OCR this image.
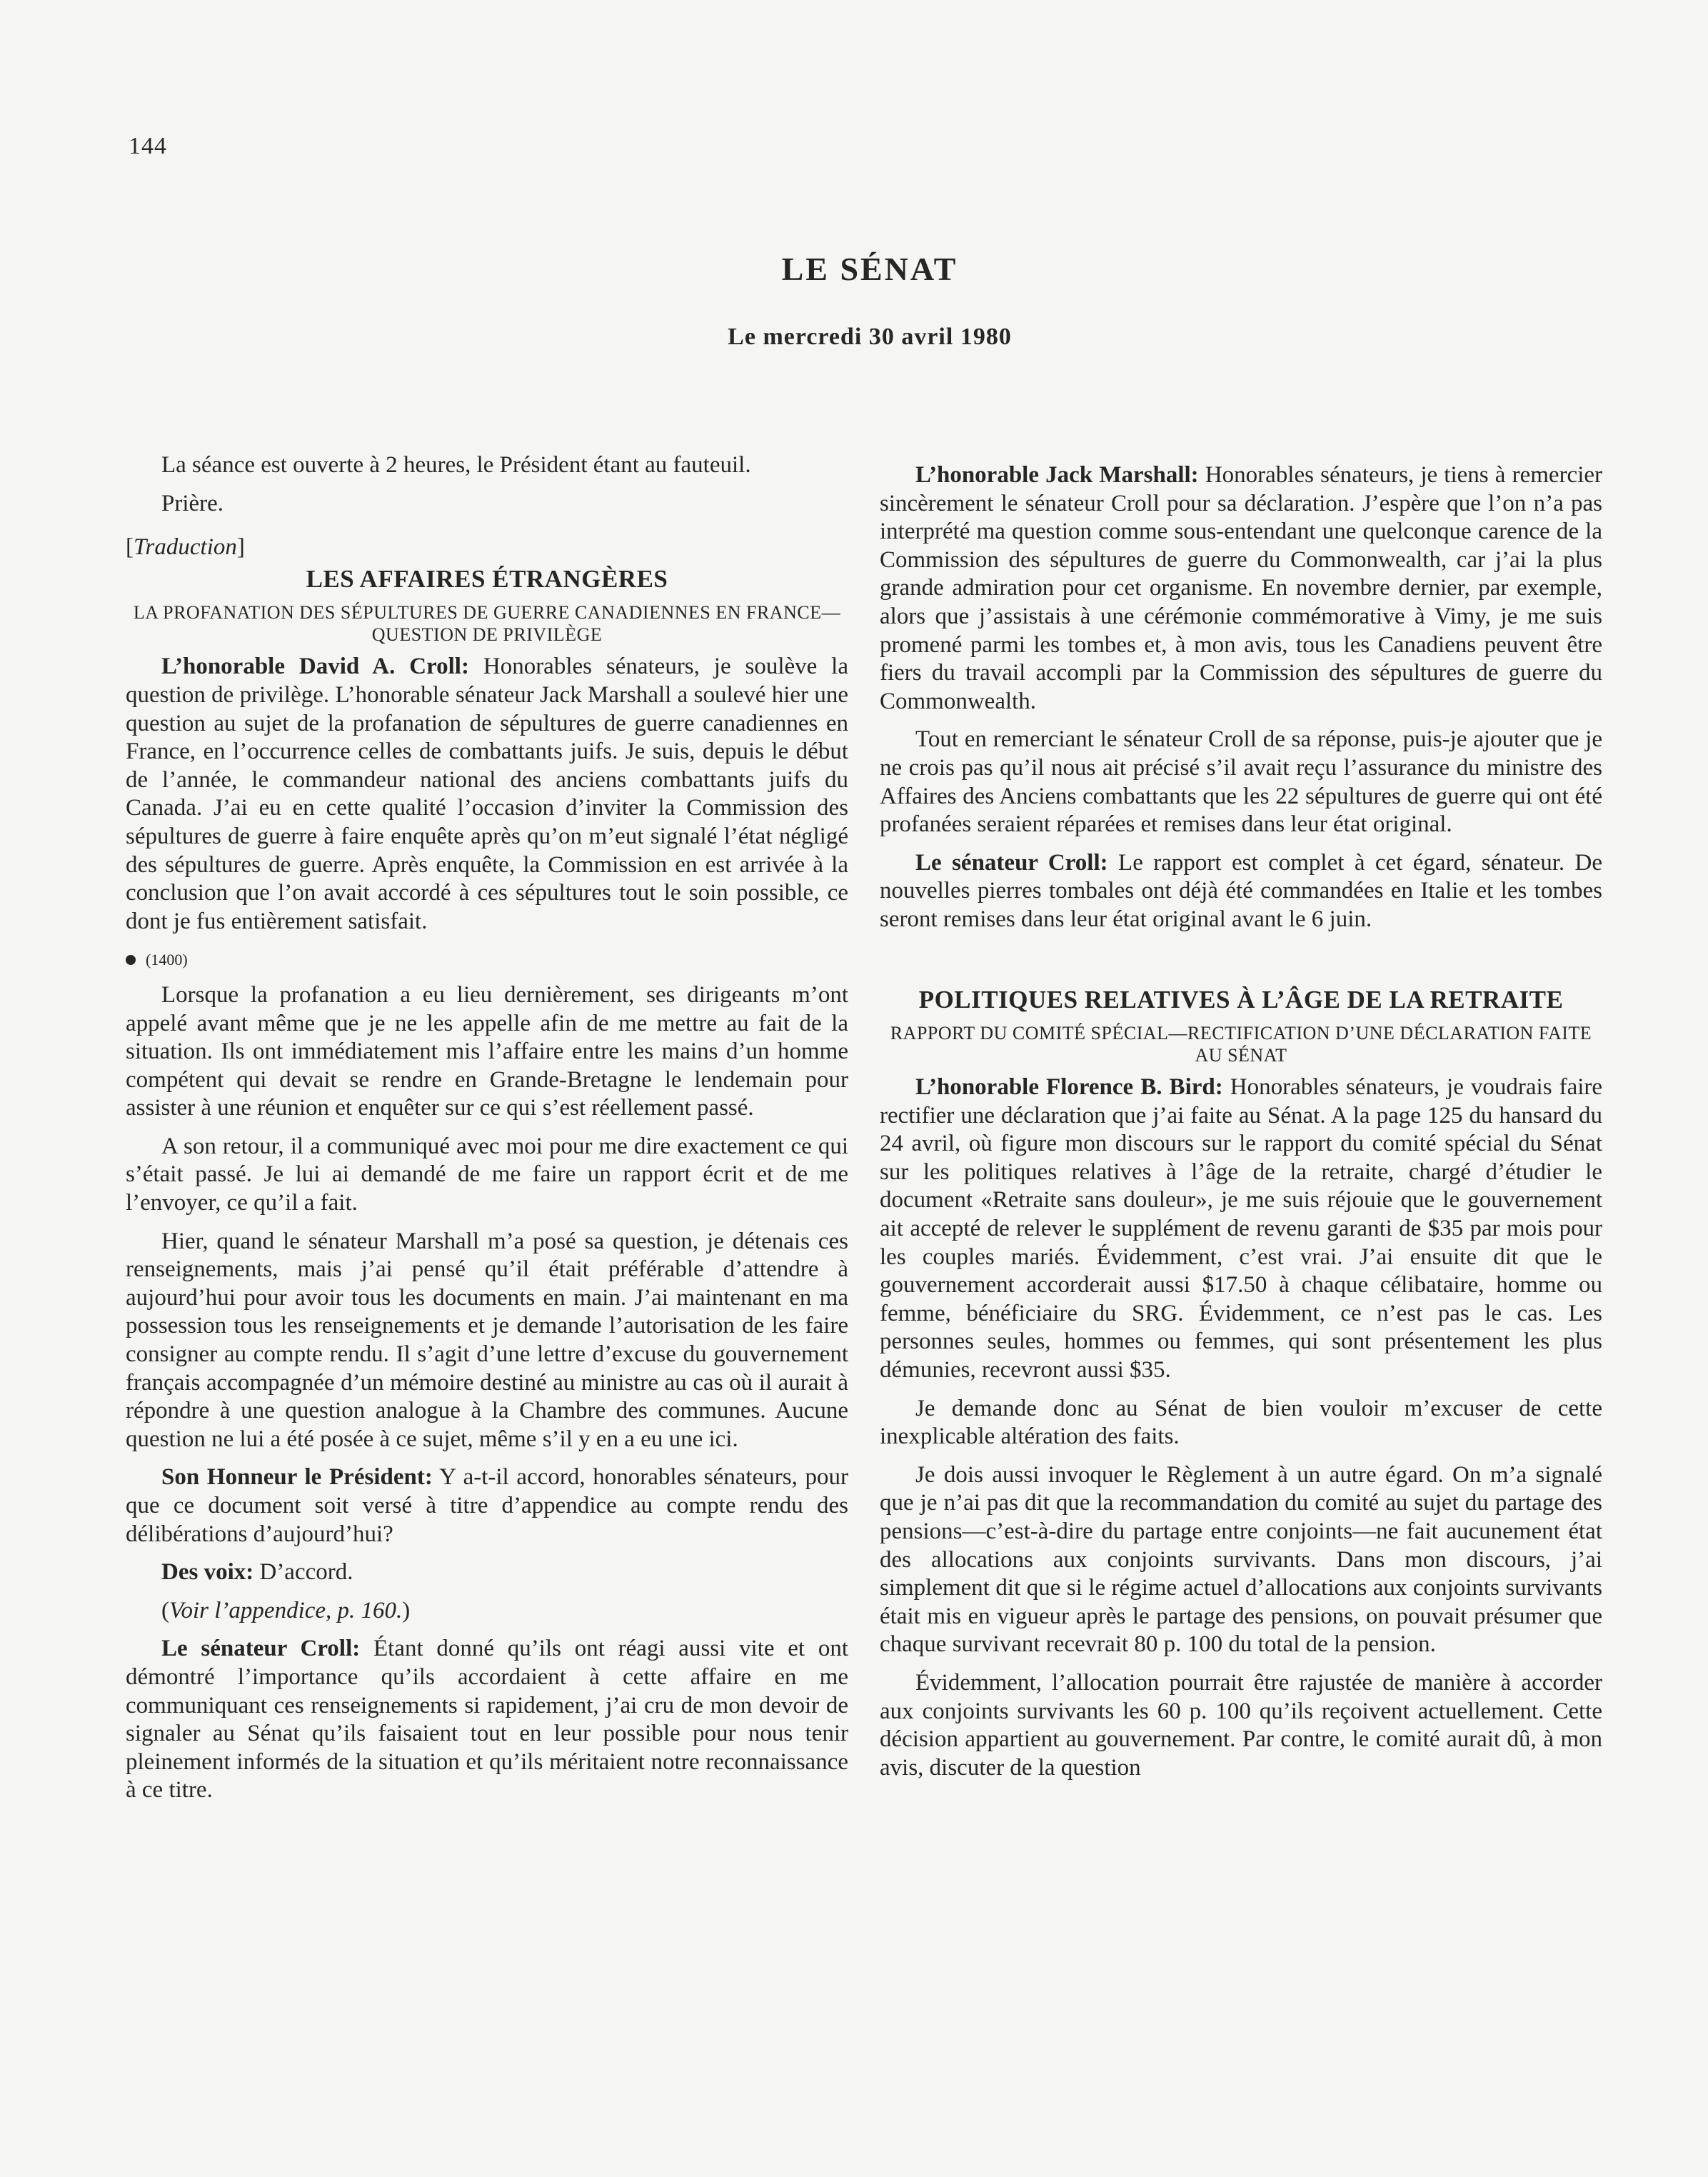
144
LE SÉNAT
Le mercredi 30 avril 1980

La séance est ouverte à 2 heures, le Président étant au fauteuil.

Prière.

[Traduction]

LES AFFAIRES ÉTRANGÈRES
LA PROFANATION DES SÉPULTURES DE GUERRE CANADIENNES EN FRANCE—QUESTION DE PRIVILÈGE

L’honorable David A. Croll: Honorables sénateurs, je soulève la question de privilège. L’honorable sénateur Jack Marshall a soulevé hier une question au sujet de la profanation de sépultures de guerre canadiennes en France, en l’occurrence celles de combattants juifs. Je suis, depuis le début de l’année, le commandeur national des anciens combattants juifs du Canada. J’ai eu en cette qualité l’occasion d’inviter la Commission des sépultures de guerre à faire enquête après qu’on m’eut signalé l’état négligé des sépultures de guerre. Après enquête, la Commission en est arrivée à la conclusion que l’on avait accordé à ces sépultures tout le soin possible, ce dont je fus entièrement satisfait.

(1400)

Lorsque la profanation a eu lieu dernièrement, ses dirigeants m’ont appelé avant même que je ne les appelle afin de me mettre au fait de la situation. Ils ont immédiatement mis l’affaire entre les mains d’un homme compétent qui devait se rendre en Grande-Bretagne le lendemain pour assister à une réunion et enquêter sur ce qui s’est réellement passé.

A son retour, il a communiqué avec moi pour me dire exactement ce qui s’était passé. Je lui ai demandé de me faire un rapport écrit et de me l’envoyer, ce qu’il a fait.

Hier, quand le sénateur Marshall m’a posé sa question, je détenais ces renseignements, mais j’ai pensé qu’il était préférable d’attendre à aujourd’hui pour avoir tous les documents en main. J’ai maintenant en ma possession tous les renseignements et je demande l’autorisation de les faire consigner au compte rendu. Il s’agit d’une lettre d’excuse du gouvernement français accompagnée d’un mémoire destiné au ministre au cas où il aurait à répondre à une question analogue à la Chambre des communes. Aucune question ne lui a été posée à ce sujet, même s’il y en a eu une ici.

Son Honneur le Président: Y a-t-il accord, honorables sénateurs, pour que ce document soit versé à titre d’appendice au compte rendu des délibérations d’aujourd’hui?

Des voix: D’accord.

(Voir l’appendice, p. 160.)

Le sénateur Croll: Étant donné qu’ils ont réagi aussi vite et ont démontré l’importance qu’ils accordaient à cette affaire en me communiquant ces renseignements si rapidement, j’ai cru de mon devoir de signaler au Sénat qu’ils faisaient tout en leur possible pour nous tenir pleinement informés de la situation et qu’ils méritaient notre reconnaissance à ce titre.

L’honorable Jack Marshall: Honorables sénateurs, je tiens à remercier sincèrement le sénateur Croll pour sa déclaration. J’espère que l’on n’a pas interprété ma question comme sous-entendant une quelconque carence de la Commission des sépultures de guerre du Commonwealth, car j’ai la plus grande admiration pour cet organisme. En novembre dernier, par exemple, alors que j’assistais à une cérémonie commémorative à Vimy, je me suis promené parmi les tombes et, à mon avis, tous les Canadiens peuvent être fiers du travail accompli par la Commission des sépultures de guerre du Commonwealth.

Tout en remerciant le sénateur Croll de sa réponse, puis-je ajouter que je ne crois pas qu’il nous ait précisé s’il avait reçu l’assurance du ministre des Affaires des Anciens combattants que les 22 sépultures de guerre qui ont été profanées seraient réparées et remises dans leur état original.

Le sénateur Croll: Le rapport est complet à cet égard, sénateur. De nouvelles pierres tombales ont déjà été commandées en Italie et les tombes seront remises dans leur état original avant le 6 juin.

POLITIQUES RELATIVES À L’ÂGE DE LA RETRAITE
RAPPORT DU COMITÉ SPÉCIAL—RECTIFICATION D’UNE DÉCLARATION FAITE AU SÉNAT

L’honorable Florence B. Bird: Honorables sénateurs, je voudrais faire rectifier une déclaration que j’ai faite au Sénat. A la page 125 du hansard du 24 avril, où figure mon discours sur le rapport du comité spécial du Sénat sur les politiques relatives à l’âge de la retraite, chargé d’étudier le document «Retraite sans douleur», je me suis réjouie que le gouvernement ait accepté de relever le supplément de revenu garanti de $35 par mois pour les couples mariés. Évidemment, c’est vrai. J’ai ensuite dit que le gouvernement accorderait aussi $17.50 à chaque célibataire, homme ou femme, bénéficiaire du SRG. Évidemment, ce n’est pas le cas. Les personnes seules, hommes ou femmes, qui sont présentement les plus démunies, recevront aussi $35.

Je demande donc au Sénat de bien vouloir m’excuser de cette inexplicable altération des faits.

Je dois aussi invoquer le Règlement à un autre égard. On m’a signalé que je n’ai pas dit que la recommandation du comité au sujet du partage des pensions—c’est-à-dire du partage entre conjoints—ne fait aucunement état des allocations aux conjoints survivants. Dans mon discours, j’ai simplement dit que si le régime actuel d’allocations aux conjoints survivants était mis en vigueur après le partage des pensions, on pouvait présumer que chaque survivant recevrait 80 p. 100 du total de la pension.

Évidemment, l’allocation pourrait être rajustée de manière à accorder aux conjoints survivants les 60 p. 100 qu’ils reçoivent actuellement. Cette décision appartient au gouvernement. Par contre, le comité aurait dû, à mon avis, discuter de la question
